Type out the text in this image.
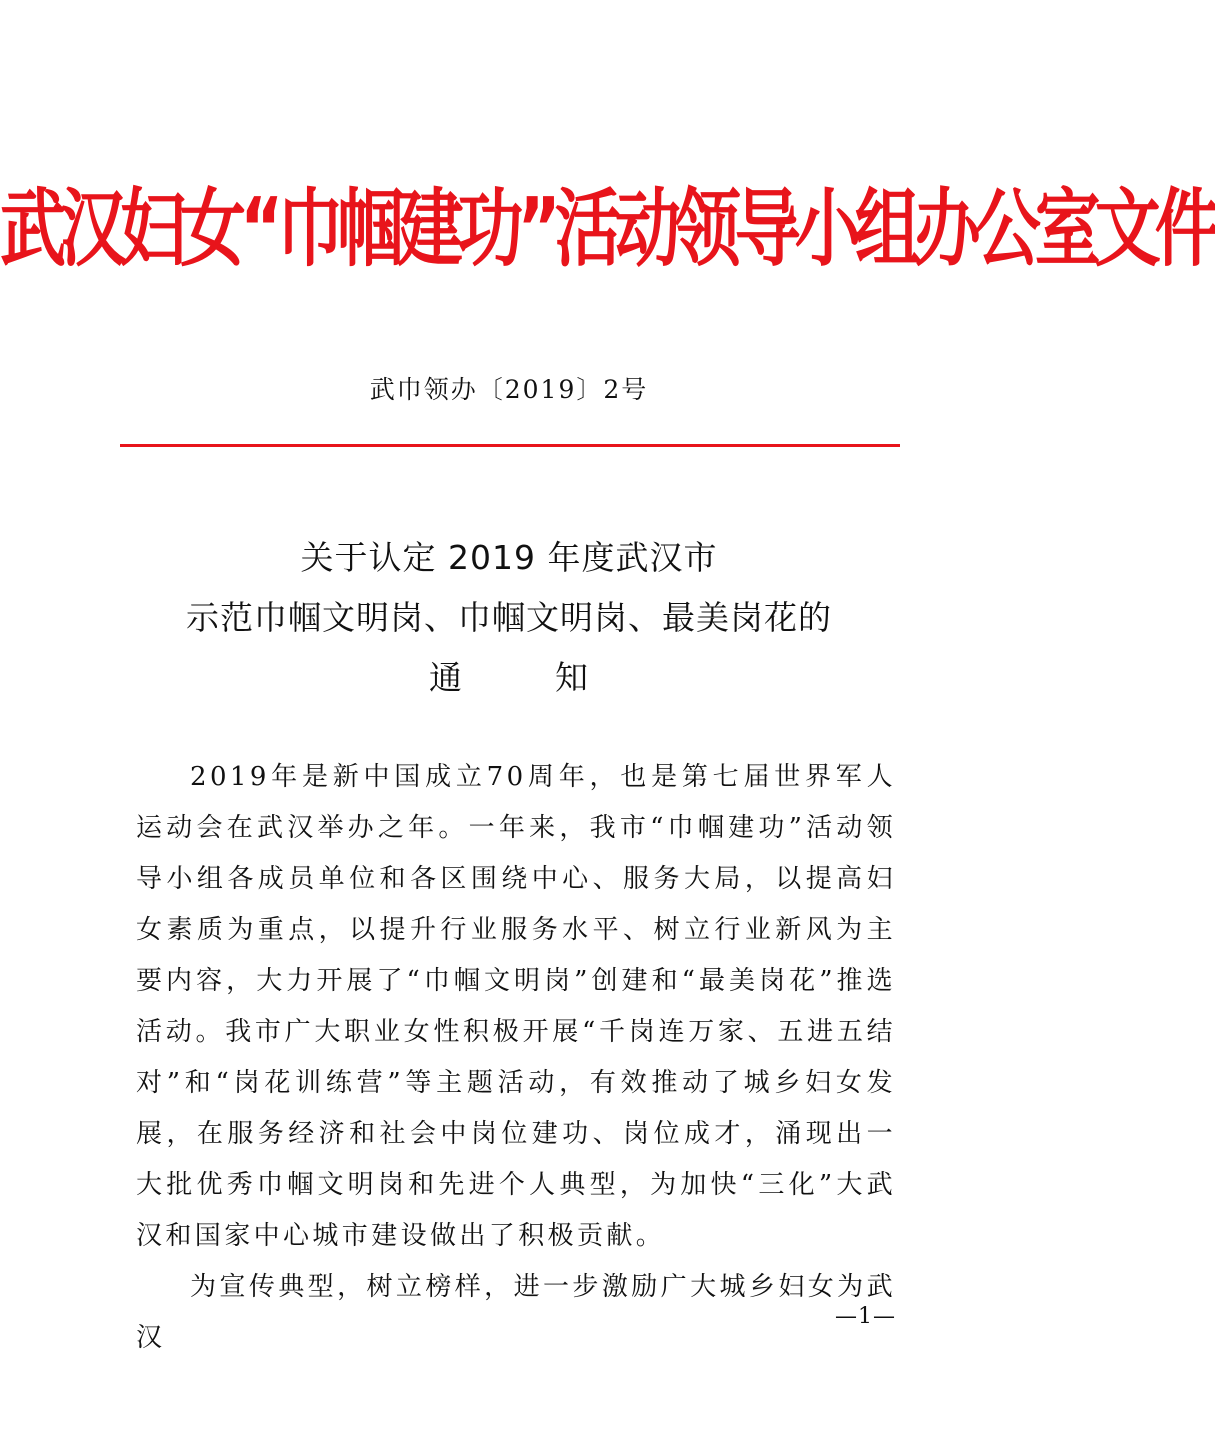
武汉妇女“巾帼建功”活动领导小组办公室文件
武巾领办〔2019〕2号
关于认定 2019 年度武汉市
示范巾帼文明岗、巾帼文明岗、最美岗花的
通	知

2019年是新中国成立70周年，也是第七届世界军人运动会在武汉举办之年。一年来，我市“巾帼建功”活动领导小组各成员单位和各区围绕中心、服务大局，以提高妇女素质为重点，以提升行业服务水平、树立行业新风为主要内容，大力开展了“巾帼文明岗”创建和“最美岗花”推选活动。我市广大职业女性积极开展“千岗连万家、五进五结对”和“岗花训练营”等主题活动，有效推动了城乡妇女发展，在服务经济和社会中岗位建功、岗位成才，涌现出一大批优秀巾帼文明岗和先进个人典型，为加快“三化”大武汉和国家中心城市建设做出了积极贡献。

为宣传典型，树立榜样，进一步激励广大城乡妇女为武汉

—1—
